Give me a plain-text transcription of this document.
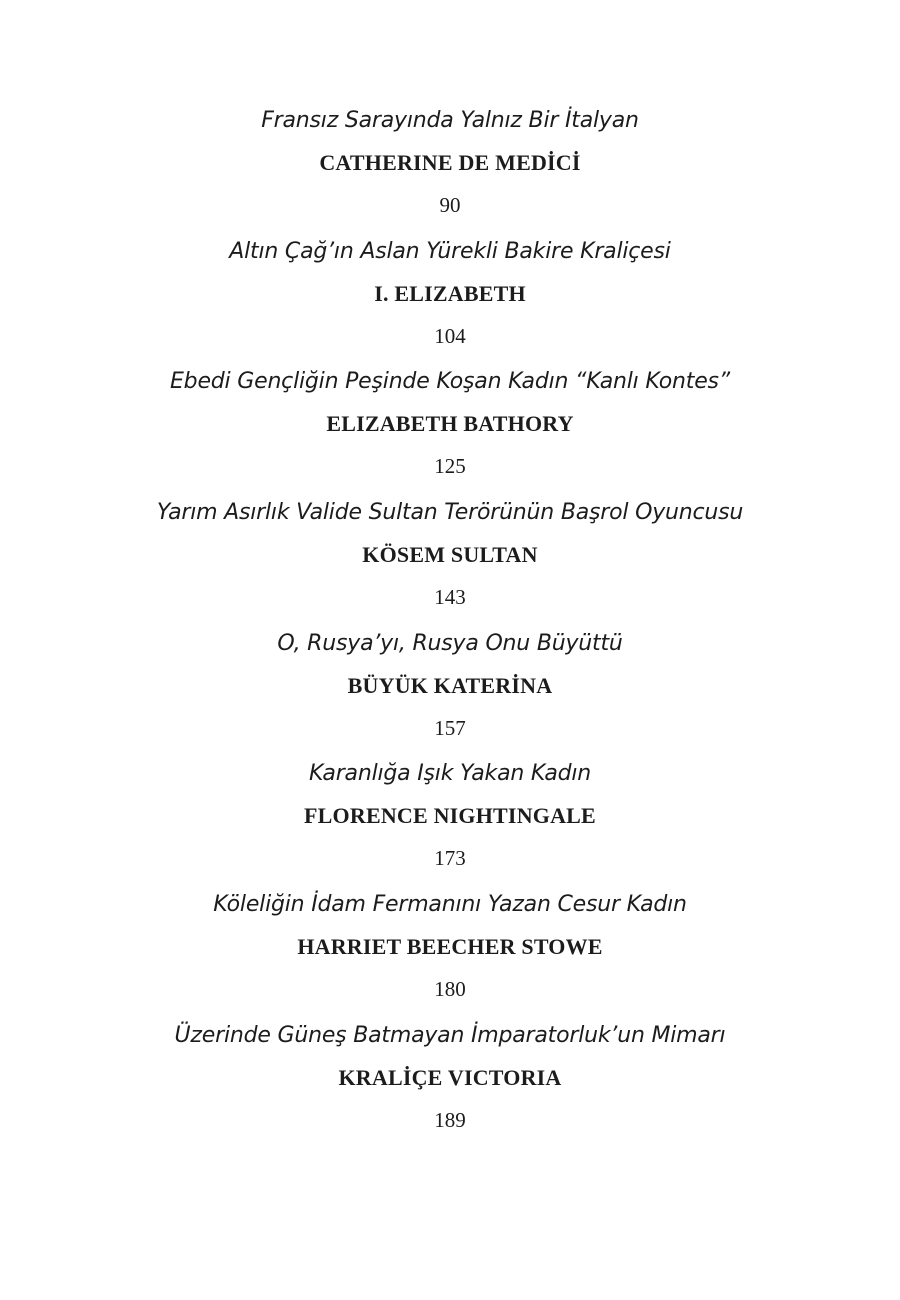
Fransız Sarayında Yalnız Bir İtalyan
CATHERINE DE MEDİCİ
90
Altın Çağ’ın Aslan Yürekli Bakire Kraliçesi
I. ELIZABETH
104
Ebedi Gençliğin Peşinde Koşan Kadın “Kanlı Kontes”
ELIZABETH BATHORY
125
Yarım Asırlık Valide Sultan Terörünün Başrol Oyuncusu
KÖSEM SULTAN
143
O, Rusya’yı, Rusya Onu Büyüttü
BÜYÜK KATERİNA
157
Karanlığa Işık Yakan Kadın
FLORENCE NIGHTINGALE
173
Köleliğin İdam Fermanını Yazan Cesur Kadın
HARRIET BEECHER STOWE
180
Üzerinde Güneş Batmayan İmparatorluk’un Mimarı
KRALİÇE VICTORIA
189
